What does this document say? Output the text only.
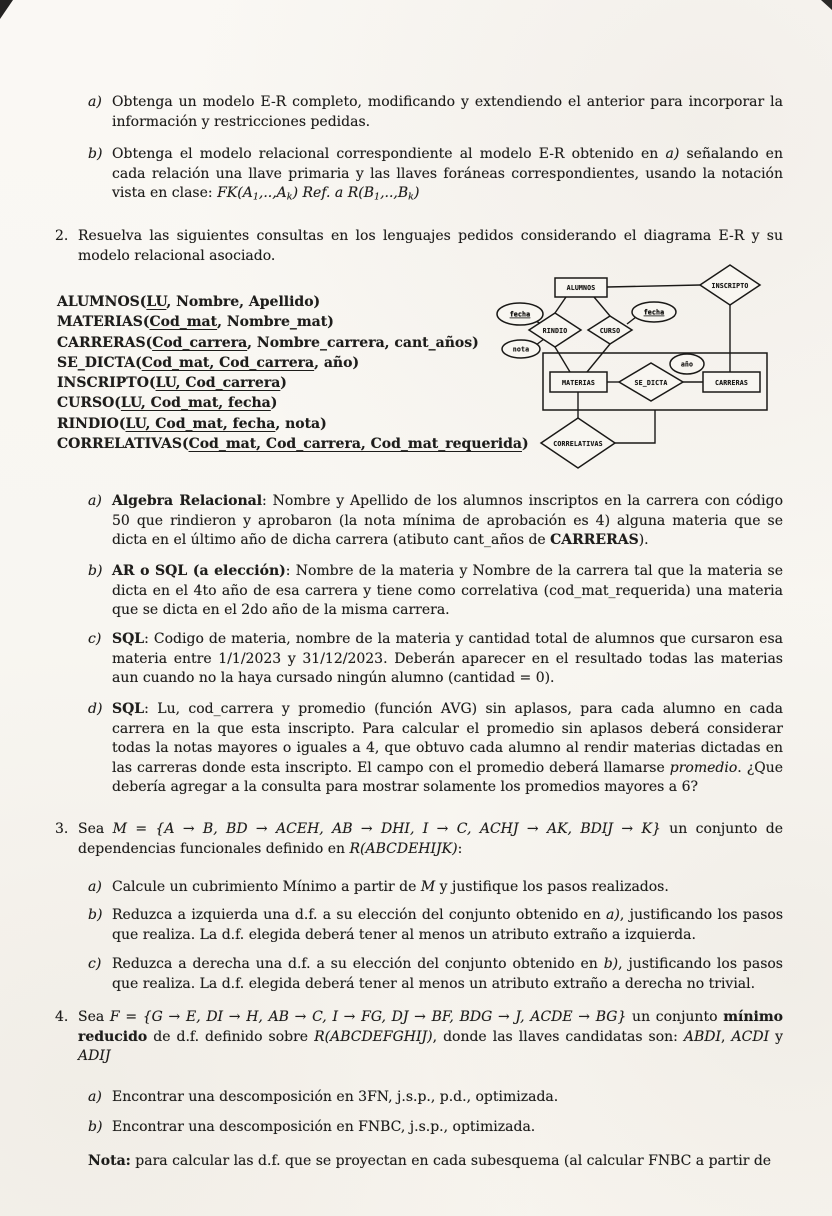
a) Obtenga un modelo E-R completo, modificando y extendiendo el anterior para incorporar la información y restricciones pedidas.

b) Obtenga el modelo relacional correspondiente al modelo E-R obtenido en a) señalando en cada relación una llave primaria y las llaves foráneas correspondientes, usando la notación vista en clase: $FK(A_1,..,A_k)$ Ref. a $R(B_1,..,B_k)$

2. Resuelva las siguientes consultas en los lenguajes pedidos considerando el diagrama E-R y su modelo relacional asociado.

ALUMNOS(LU, Nombre, Apellido)
MATERIAS(Cod_mat, Nombre_mat)
CARRERAS(Cod_carrera, Nombre_carrera, cant_años)
SE_DICTA(Cod_mat, Cod_carrera, año)
INSCRIPTO(LU, Cod_carrera)
CURSO(LU, Cod_mat, fecha)
RINDIO(LU, Cod_mat, fecha, nota)
CORRELATIVAS(Cod_mat, Cod_carrera, Cod_mat_requerida)
ALUMNOS
MATERIAS	CARRERAS
INSCRIPTO
RINDIO	CURSO
SE_DICTA
CORRELATIVAS
fecha	fecha
nota
año

a) Algebra Relacional: Nombre y Apellido de los alumnos inscriptos en la carrera con código 50 que rindieron y aprobaron (la nota mínima de aprobación es 4) alguna materia que se dicta en el último año de dicha carrera (atibuto cant_años de CARRERAS).

b) AR o SQL (a elección): Nombre de la materia y Nombre de la carrera tal que la materia se dicta en el 4to año de esa carrera y tiene como correlativa (cod_mat_requerida) una materia que se dicta en el 2do año de la misma carrera.

c) SQL: Codigo de materia, nombre de la materia y cantidad total de alumnos que cursaron esa materia entre 1/1/2023 y 31/12/2023. Deberán aparecer en el resultado todas las materias aun cuando no la haya cursado ningún alumno (cantidad = 0).

d) SQL: Lu, cod_carrera y promedio (función AVG) sin aplasos, para cada alumno en cada carrera en la que esta inscripto. Para calcular el promedio sin aplasos deberá considerar todas la notas mayores o iguales a 4, que obtuvo cada alumno al rendir materias dictadas en las carreras donde esta inscripto. El campo con el promedio deberá llamarse promedio. ¿Que debería agregar a la consulta para mostrar solamente los promedios mayores a 6?

3. Sea M = {A → B, BD → ACEH, AB → DHI, I → C, ACHJ → AK, BDIJ → K} un conjunto de dependencias funcionales definido en R(ABCDEHIJK):

a) Calcule un cubrimiento Mínimo a partir de M y justifique los pasos realizados.

b) Reduzca a izquierda una d.f. a su elección del conjunto obtenido en a), justificando los pasos que realiza. La d.f. elegida deberá tener al menos un atributo extraño a izquierda.

c) Reduzca a derecha una d.f. a su elección del conjunto obtenido en b), justificando los pasos que realiza. La d.f. elegida deberá tener al menos un atributo extraño a derecha no trivial.

4. Sea F = {G → E, DI → H, AB → C, I → FG, DJ → BF, BDG → J, ACDE → BG} un conjunto mínimo reducido de d.f. definido sobre R(ABCDEFGHIJ), donde las llaves candidatas son: ABDI, ACDI y ADIJ

a) Encontrar una descomposición en 3FN, j.s.p., p.d., optimizada.

b) Encontrar una descomposición en FNBC, j.s.p., optimizada.

Nota: para calcular las d.f. que se proyectan en cada subesquema (al calcular FNBC a partir de
